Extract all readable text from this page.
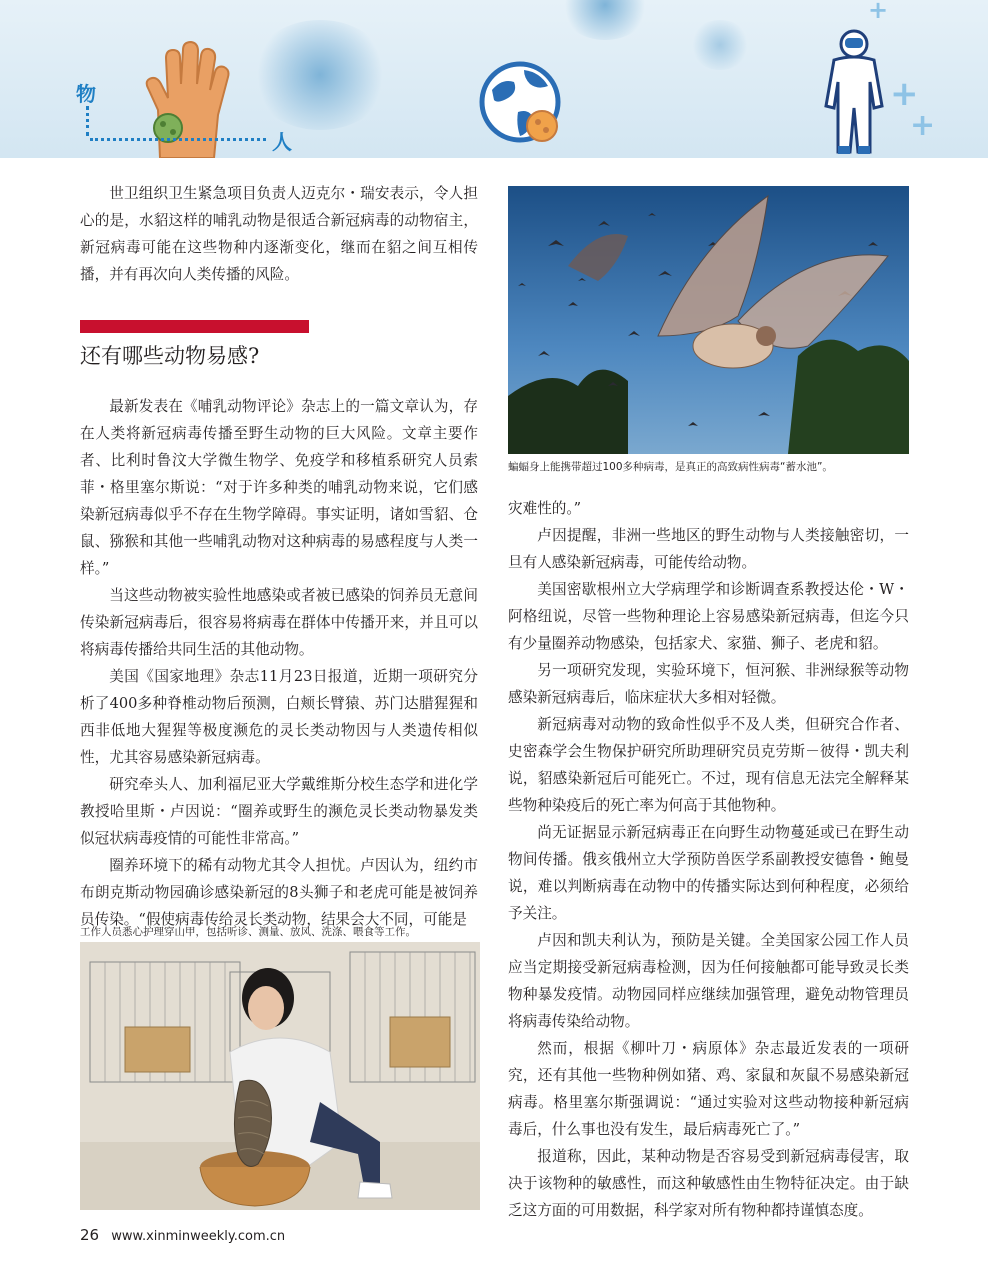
+
+
+
物
人

世卫组织卫生紧急项目负责人迈克尔・瑞安表示，令人担心的是，水貂这样的哺乳动物是很适合新冠病毒的动物宿主，新冠病毒可能在这些物种内逐渐变化，继而在貂之间互相传播，并有再次向人类传播的风险。

还有哪些动物易感?

最新发表在《哺乳动物评论》杂志上的一篇文章认为，存在人类将新冠病毒传播至野生动物的巨大风险。文章主要作者、比利时鲁汶大学微生物学、免疫学和移植系研究人员索菲・格里塞尔斯说：“对于许多种类的哺乳动物来说，它们感染新冠病毒似乎不存在生物学障碍。事实证明，诸如雪貂、仓鼠、猕猴和其他一些哺乳动物对这种病毒的易感程度与人类一样。”

当这些动物被实验性地感染或者被已感染的饲养员无意间传染新冠病毒后，很容易将病毒在群体中传播开来，并且可以将病毒传播给共同生活的其他动物。

美国《国家地理》杂志11月23日报道，近期一项研究分析了400多种脊椎动物后预测，白颊长臂猿、苏门达腊猩猩和西非低地大猩猩等极度濒危的灵长类动物因与人类遗传相似性，尤其容易感染新冠病毒。

研究牵头人、加利福尼亚大学戴维斯分校生态学和进化学教授哈里斯・卢因说：“圈养或野生的濒危灵长类动物暴发类似冠状病毒疫情的可能性非常高。”

圈养环境下的稀有动物尤其令人担忧。卢因认为，纽约市布朗克斯动物园确诊感染新冠的8头狮子和老虎可能是被饲养员传染。“假使病毒传给灵长类动物，结果会大不同，可能是

工作人员悉心护理穿山甲，包括听诊、测量、放风、洗涤、喂食等工作。
蝙蝠身上能携带超过100多种病毒，是真正的高致病性病毒“蓄水池”。

灾难性的。”

卢因提醒，非洲一些地区的野生动物与人类接触密切，一旦有人感染新冠病毒，可能传给动物。

美国密歇根州立大学病理学和诊断调查系教授达伦・W・阿格纽说，尽管一些物种理论上容易感染新冠病毒，但迄今只有少量圈养动物感染，包括家犬、家猫、狮子、老虎和貂。

另一项研究发现，实验环境下，恒河猴、非洲绿猴等动物感染新冠病毒后，临床症状大多相对轻微。

新冠病毒对动物的致命性似乎不及人类，但研究合作者、史密森学会生物保护研究所助理研究员克劳斯－彼得・凯夫利说，貂感染新冠后可能死亡。不过，现有信息无法完全解释某些物种染疫后的死亡率为何高于其他物种。

尚无证据显示新冠病毒正在向野生动物蔓延或已在野生动物间传播。俄亥俄州立大学预防兽医学系副教授安德鲁・鲍曼说，难以判断病毒在动物中的传播实际达到何种程度，必须给予关注。

卢因和凯夫利认为，预防是关键。全美国家公园工作人员应当定期接受新冠病毒检测，因为任何接触都可能导致灵长类物种暴发疫情。动物园同样应继续加强管理，避免动物管理员将病毒传染给动物。

然而，根据《柳叶刀・病原体》杂志最近发表的一项研究，还有其他一些物种例如猪、鸡、家鼠和灰鼠不易感染新冠病毒。格里塞尔斯强调说：“通过实验对这些动物接种新冠病毒后，什么事也没有发生，最后病毒死亡了。”

报道称，因此，某种动物是否容易受到新冠病毒侵害，取决于该物种的敏感性，而这种敏感性由生物特征决定。由于缺乏这方面的可用数据，科学家对所有物种都持谨慎态度。

26 www.xinminweekly.com.cn
